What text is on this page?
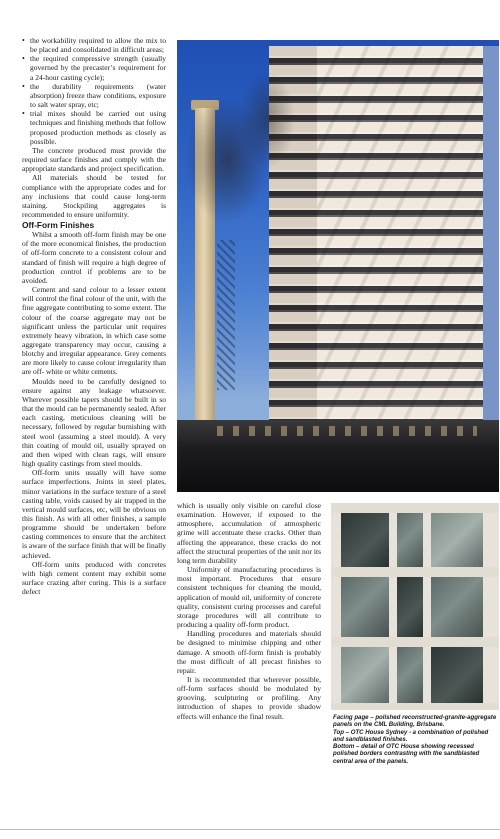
• the workability required to allow the mix to be placed and consolidated in difficult areas;
• the required compressive strength (usually governed by the precaster’s requirement for a 24-hour casting cycle);
• the durability requirements (water absorption) freeze thaw conditions, exposure to salt water spray, etc;
• trial mixes should be carried out using techniques and finishing methods that follow proposed production methods as closely as possible.

The concrete produced must provide the required surface finishes and comply with the appropriate standards and project specification.

All materials should be tested for compliance with the appropriate codes and for any inclusions that could cause long-term staining. Stockpiling aggregates is recommended to ensure uniformity.

Off-Form Finishes

Whilst a smooth off-form finish may be one of the more economical finishes, the production of off-form concrete to a consistent colour and standard of finish will require a high degree of production control if problems are to be avoided.

Cement and sand colour to a lesser extent will control the final colour of the unit, with the fine aggregate contributing to some extent. The colour of the coarse aggregate may not be significant unless the particular unit requires extremely heavy vibration, in which case some aggregate transparency may occur, causing a blotchy and irregular appearance. Grey cements are more likely to cause colour irregularity than are off- white or white cements.

Moulds need to be carefully designed to ensure against any leakage whatsoever. Wherever possible tapers should be built in so that the mould can be permanently sealed. After each casting, meticulous cleaning will be necessary, followed by regular burnishing with steel wool (assuming a steel mould). A very thin coating of mould oil, usually sprayed on and then wiped with clean rags, will ensure high quality castings from steel moulds.

Off-form units usually will have some surface imperfections. Joints in steel plates, minor variations in the surface texture of a steel casting table, voids caused by air trapped in the vertical mould surfaces, etc, will be obvious on this finish. As with all other finishes, a sample programme should be undertaken before casting commences to ensure that the architect is aware of the surface finish that will be finally achieved.

Off-form units produced with concretes with high cement content may exhibit some surface crazing after curing. This is a surface defect

which is usually only visible on careful close examination. However, if exposed to the atmosphere, accumulation of atmospheric grime will accentuate these cracks. Other than affecting the appearance, these cracks do not affect the structural properties of the unit nor its long term durability

Uniformity of manufacturing procedures is most important. Procedures that ensure consistent techniques for cleaning the mould, application of mould oil, uniformity of concrete quality, consistent curing processes and careful storage procedures will all contribute to producing a quality off-form product.

Handling procedures and materials should be designed to minimise chipping and other damage. A smooth off-form finish is probably the most difficult of all precast finishes to repair.

It is recommended that wherever possible, off-form surfaces should be modulated by grooving, sculpturing or profiling. Any introduction of shapes to provide shadow effects will enhance the final result.	Facing page – polished reconstructed-granite-aggregate panels on the CML Building, Brisbane.
Top – OTC House Sydney - a combination of polished and sandblasted finishes.
Bottom – detail of OTC House showing recessed polished borders contrasting with the sandblasted central area of the panels.
